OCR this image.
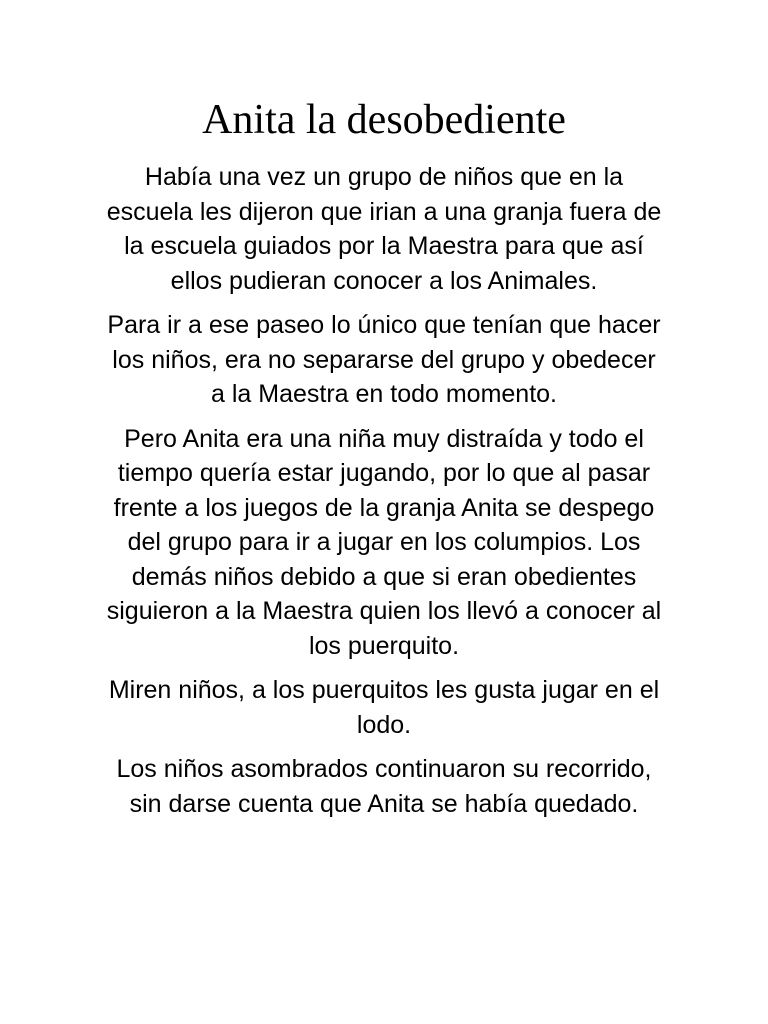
Anita la desobediente

Había una vez un grupo de niños que en la escuela les dijeron que irian a una granja fuera de la escuela guiados por la Maestra para que así ellos pudieran conocer a los Animales.

Para ir a ese paseo lo único que tenían que hacer los niños, era no separarse del grupo y obedecer a la Maestra en todo momento.

Pero Anita era una niña muy distraída y todo el tiempo quería estar jugando, por lo que al pasar frente a los juegos de la granja Anita se despego del grupo para ir a jugar en los columpios. Los demás niños debido a que si eran obedientes siguieron a la Maestra quien los llevó a conocer al los puerquito.

Miren niños, a los puerquitos les gusta jugar en el lodo.

Los niños asombrados continuaron su recorrido, sin darse cuenta que Anita se había quedado.
